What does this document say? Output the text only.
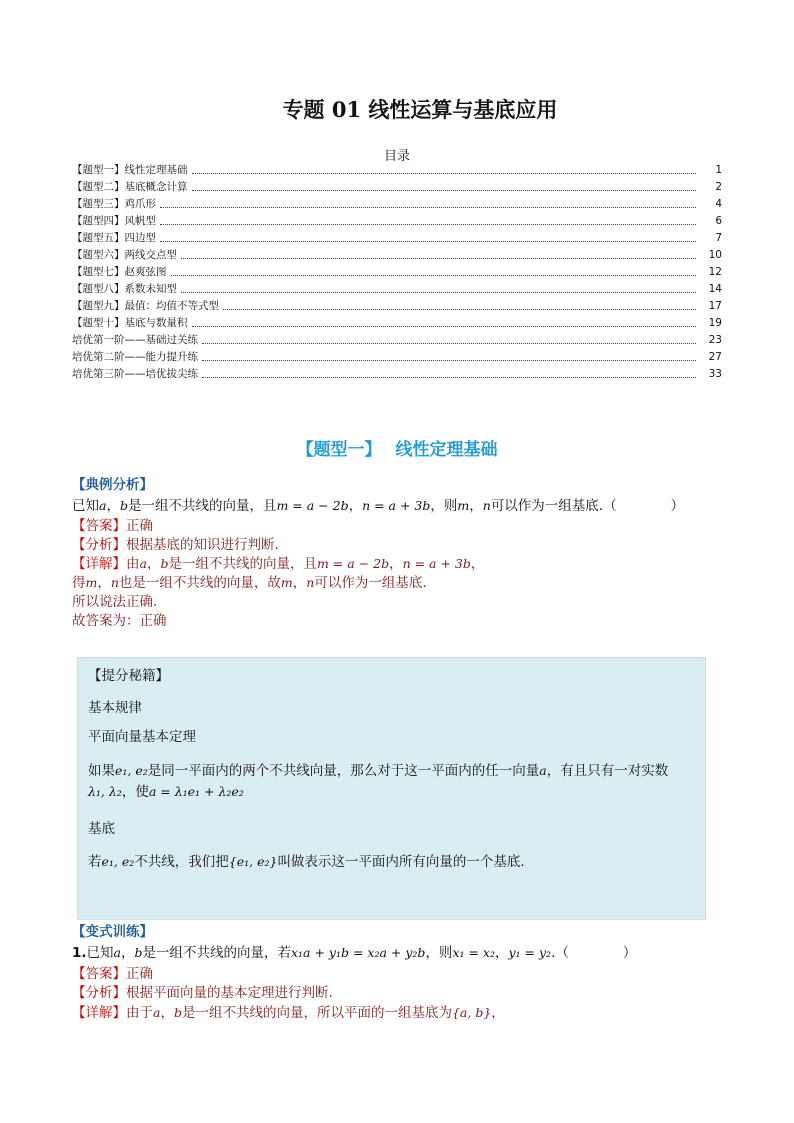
专题 01 线性运算与基底应用
目录
【题型一】线性定理基础	1
【题型二】基底概念计算	2
【题型三】鸡爪形	4
【题型四】风帆型	6
【题型五】四边型	7
【题型六】两线交点型	10
【题型七】赵爽弦图	12
【题型八】系数未知型	14
【题型九】最值：均值不等式型	17
【题型十】基底与数量积	19
培优第一阶——基础过关练	23
培优第二阶——能力提升练	27
培优第三阶——培优拔尖练	33
【题型一】 线性定理基础
【典例分析】
已知a，b是一组不共线的向量，且m = a − 2b，n = a + 3b，则m，n可以作为一组基底.（　　　　）
【答案】正确
【分析】根据基底的知识进行判断.
【详解】由a，b是一组不共线的向量，且m = a − 2b，n = a + 3b，
得m，n也是一组不共线的向量，故m，n可以作为一组基底.
所以说法正确.
故答案为：正确
【提分秘籍】
基本规律
平面向量基本定理
如果e₁, e₂是同一平面内的两个不共线向量，那么对于这一平面内的任一向量a，有且只有一对实数
λ₁, λ₂，使a = λ₁e₁ + λ₂e₂
基底
若e₁, e₂不共线，我们把{e₁, e₂}叫做表示这一平面内所有向量的一个基底.
【变式训练】
1.已知a，b是一组不共线的向量，若x₁a + y₁b = x₂a + y₂b，则x₁ = x₂，y₁ = y₂.（　　　　）
【答案】正确
【分析】根据平面向量的基本定理进行判断.
【详解】由于a，b是一组不共线的向量，所以平面的一组基底为{a, b}，
